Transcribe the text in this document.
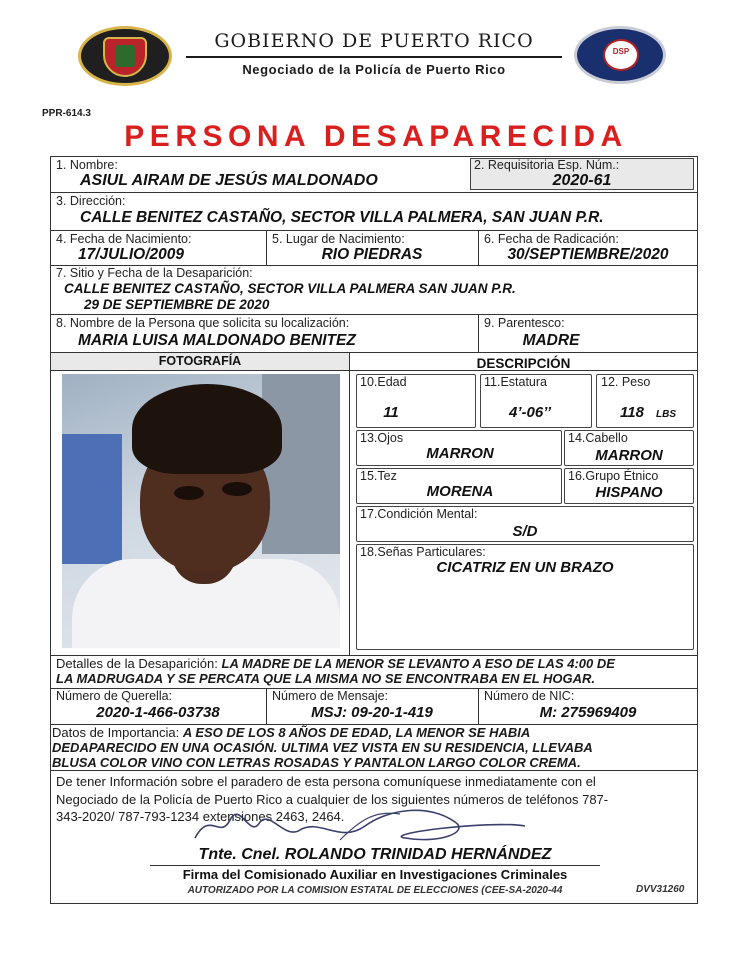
DSP
GOBIERNO DE PUERTO RICO
Negociado de la Policía de Puerto Rico
PPR-614.3
PERSONA DESAPARECIDA
1. Nombre:
ASIUL AIRAM DE JESÚS MALDONADO
2. Requisitoria Esp. Núm.:
2020-61
3. Dirección:
CALLE BENITEZ CASTAÑO, SECTOR VILLA PALMERA, SAN JUAN P.R.
4. Fecha de Nacimiento:
17/JULIO/2009
5. Lugar de Nacimiento:
RIO PIEDRAS
6. Fecha de Radicación:
30/SEPTIEMBRE/2020
7. Sitio y Fecha de la Desaparición:
CALLE BENITEZ CASTAÑO, SECTOR VILLA PALMERA SAN JUAN P.R.
29 DE SEPTIEMBRE DE 2020
8. Nombre de la Persona que solicita su localización:
MARIA LUISA MALDONADO BENITEZ
9. Parentesco:
MADRE
FOTOGRAFÍA	DESCRIPCIÓN
10.Edad
11
11.Estatura
4’-06’’
12. Peso
118 LBS
13.Ojos
MARRON
14.Cabello
MARRON
15.Tez
MORENA
16.Grupo Étnico
HISPANO
17.Condición Mental:
S/D
18.Señas Particulares:
CICATRIZ EN UN BRAZO
Detalles de la Desaparición: LA MADRE DE LA MENOR SE LEVANTO A ESO DE LAS 4:00 DE
LA MADRUGADA Y SE PERCATA QUE LA MISMA NO SE ENCONTRABA EN EL HOGAR.
Número de Querella:
2020-1-466-03738
Número de Mensaje:
MSJ: 09-20-1-419
Número de NIC:
M: 275969409
Datos de Importancia: A ESO DE LOS 8 AÑOS DE EDAD, LA MENOR SE HABIA
DEDAPARECIDO EN UNA OCASIÓN. ULTIMA VEZ VISTA EN SU RESIDENCIA, LLEVABA
BLUSA COLOR VINO CON LETRAS ROSADAS Y PANTALON LARGO COLOR CREMA.
De tener Información sobre el paradero de esta persona comuníquese inmediatamente con el
Negociado de la Policía de Puerto Rico a cualquier de los siguientes números de teléfonos 787-
343-2020/ 787-793-1234 extensiones 2463, 2464.
Tnte. Cnel. ROLANDO TRINIDAD HERNÁNDEZ
Firma del Comisionado Auxiliar en Investigaciones Criminales
AUTORIZADO POR LA COMISION ESTATAL DE ELECCIONES (CEE-SA-2020-44	DVV31260
